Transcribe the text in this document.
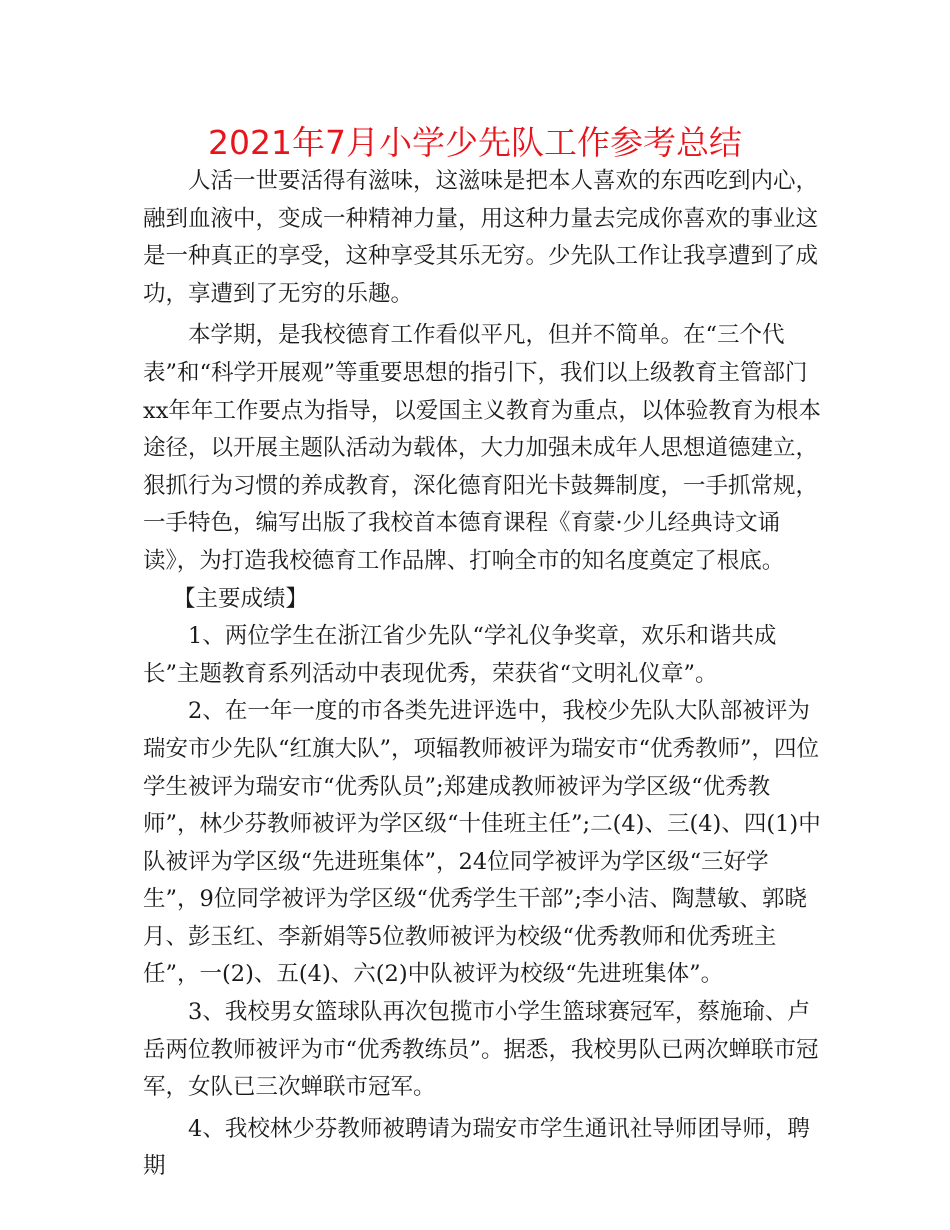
2021年7月小学少先队工作参考总结

人活一世要活得有滋味，这滋味是把本人喜欢的东西吃到内心，融到血液中，变成一种精神力量，用这种力量去完成你喜欢的事业这是一种真正的享受，这种享受其乐无穷。少先队工作让我享遭到了成功，享遭到了无穷的乐趣。

本学期，是我校德育工作看似平凡，但并不简单。在“三个代表”和“科学开展观”等重要思想的指引下，我们以上级教育主管部门xx年年工作要点为指导，以爱国主义教育为重点，以体验教育为根本途径，以开展主题队活动为载体，大力加强未成年人思想道德建立，狠抓行为习惯的养成教育，深化德育阳光卡鼓舞制度，一手抓常规，一手特色，编写出版了我校首本德育课程《育蒙·少儿经典诗文诵读》，为打造我校德育工作品牌、打响全市的知名度奠定了根底。

【主要成绩】

1、两位学生在浙江省少先队“学礼仪争奖章，欢乐和谐共成长”主题教育系列活动中表现优秀，荣获省“文明礼仪章”。

2、在一年一度的市各类先进评选中，我校少先队大队部被评为瑞安市少先队“红旗大队”，项辐教师被评为瑞安市“优秀教师”，四位学生被评为瑞安市“优秀队员”;郑建成教师被评为学区级“优秀教师”，林少芬教师被评为学区级“十佳班主任”;二(4)、三(4)、四(1)中队被评为学区级“先进班集体”，24位同学被评为学区级“三好学生”，9位同学被评为学区级“优秀学生干部”;李小洁、陶慧敏、郭晓月、彭玉红、李新娟等5位教师被评为校级“优秀教师和优秀班主任”，一(2)、五(4)、六(2)中队被评为校级“先进班集体”。

3、我校男女篮球队再次包揽市小学生篮球赛冠军，蔡施瑜、卢岳两位教师被评为市“优秀教练员”。据悉，我校男队已两次蝉联市冠军，女队已三次蝉联市冠军。

4、我校林少芬教师被聘请为瑞安市学生通讯社导师团导师，聘期
